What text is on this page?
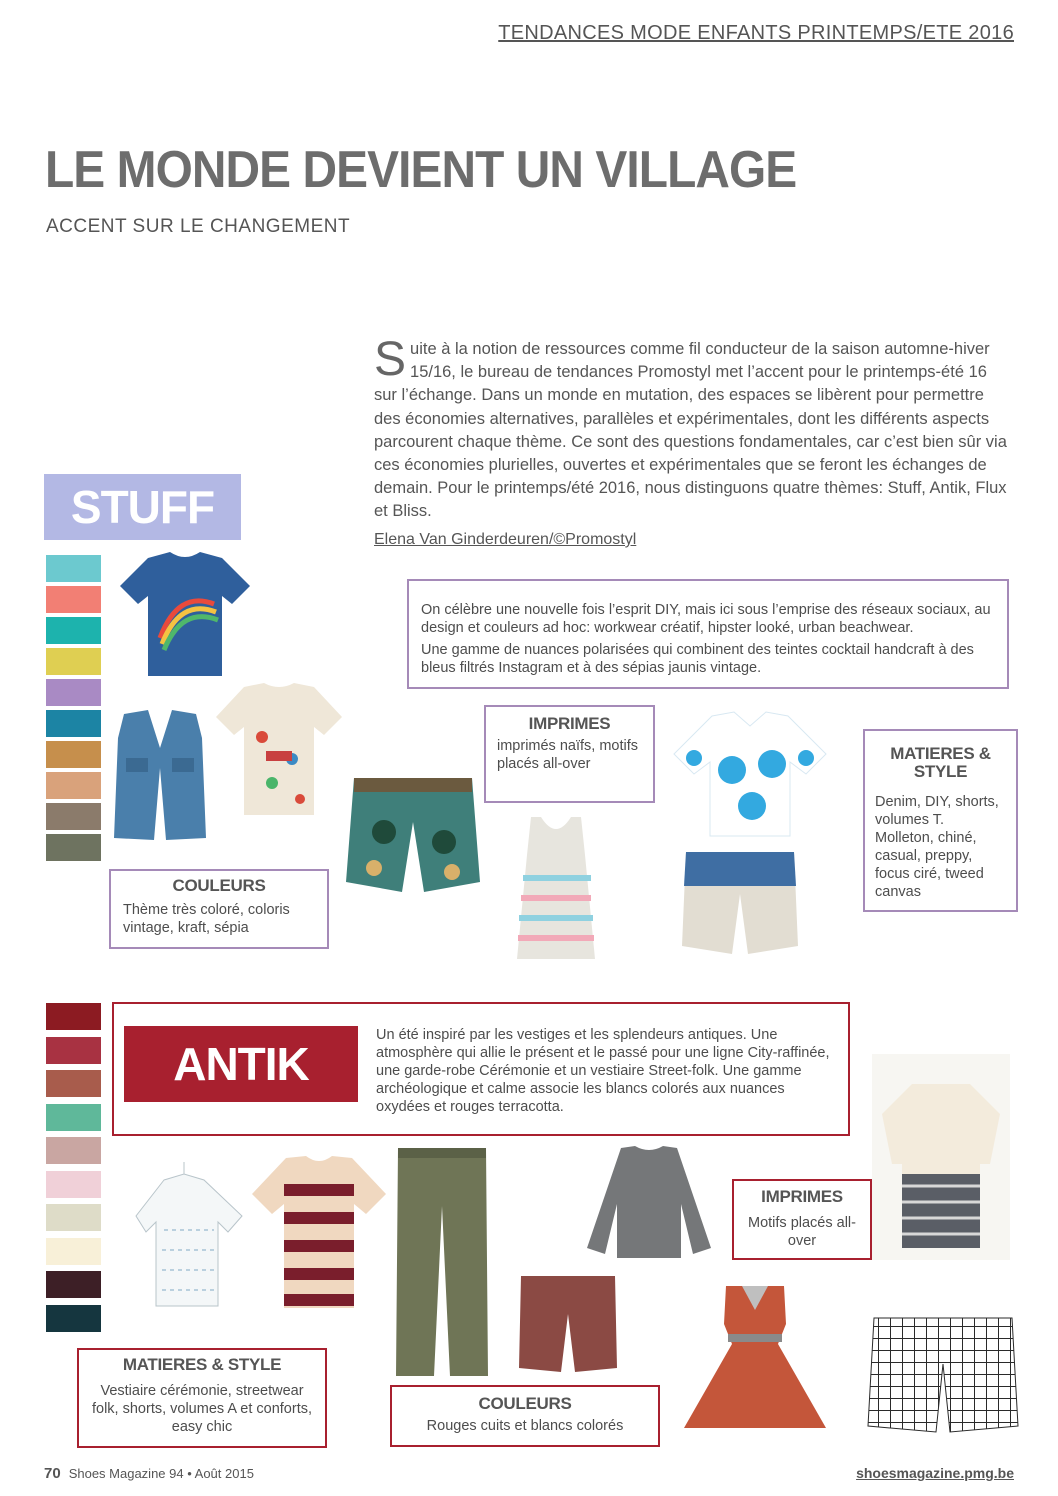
TENDANCES MODE ENFANTS PRINTEMPS/ETE 2016
LE MONDE DEVIENT UN VILLAGE
ACCENT SUR LE CHANGEMENT
Suite à la notion de ressources comme fil conducteur de la saison automne-hiver 15/16, le bureau de tendances Promostyl met l’accent pour le printemps-été 16 sur l’échange. Dans un monde en mutation, des espaces se libèrent pour permettre des économies alternatives, parallèles et expérimentales, dont les différents aspects parcourent chaque thème. Ce sont des questions fondamentales, car c’est bien sûr via ces économies plurielles, ouvertes et expérimentales que se feront les échanges de demain. Pour le printemps/été 2016, nous distinguons quatre thèmes: Stuff, Antik, Flux et Bliss.
Elena Van Ginderdeuren/©Promostyl
STUFF

On célèbre une nouvelle fois l’esprit DIY, mais ici sous l’emprise des réseaux sociaux, au design et couleurs ad hoc: workwear créatif, hipster looké, urban beachwear.

Une gamme de nuances polarisées qui combinent des teintes cocktail handcraft à des bleus filtrés Instagram et à des sépias jaunis vintage.

IMPRIMES

imprimés naïfs, motifs placés all-over

MATIERES & STYLE

Denim, DIY, shorts, volumes T. Molleton, chiné, casual, preppy, focus ciré, tweed canvas

COULEURS

Thème très coloré, coloris vintage, kraft, sépia

Un été inspiré par les vestiges et les splendeurs antiques. Une atmosphère qui allie le présent et le passé pour une ligne City-raffinée, une garde-robe Cérémonie et un vestiaire Street-folk. Une gamme archéologique et calme associe les blancs colorés aux nuances oxydées et rouges terracotta.

ANTIK
IMPRIMES

Motifs placés all-over

MATIERES & STYLE

Vestiaire cérémonie, streetwear folk, shorts, volumes A et conforts, easy chic

COULEURS

Rouges cuits et blancs colorés

70 Shoes Magazine 94 • Août 2015	shoesmagazine.pmg.be
